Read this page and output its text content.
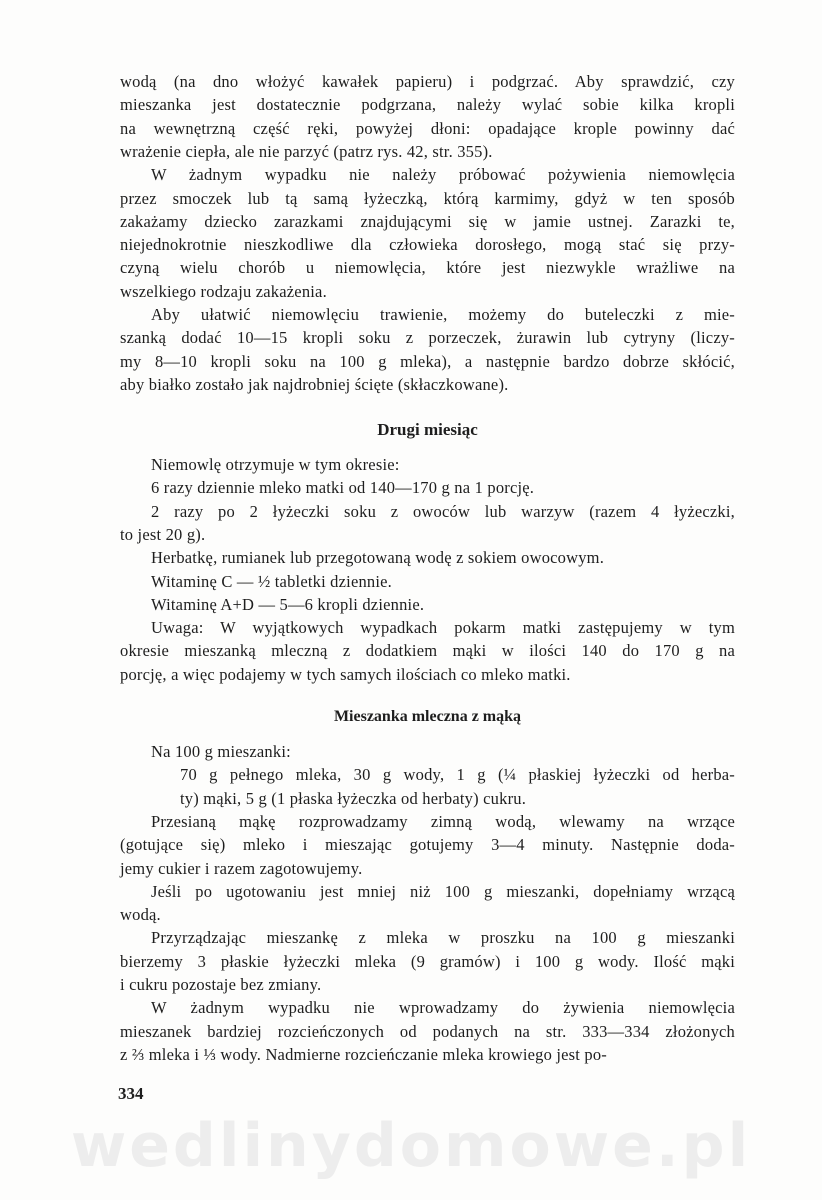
wodą (na dno włożyć kawałek papieru) i podgrzać. Aby sprawdzić, czy
mieszanka jest dostatecznie podgrzana, należy wylać sobie kilka kropli
na wewnętrzną część ręki, powyżej dłoni: opadające krople powinny dać
wrażenie ciepła, ale nie parzyć (patrz rys. 42, str. 355).
W żadnym wypadku nie należy próbować pożywienia niemowlęcia
przez smoczek lub tą samą łyżeczką, którą karmimy, gdyż w ten sposób
zakażamy dziecko zarazkami znajdującymi się w jamie ustnej. Zarazki te,
niejednokrotnie nieszkodliwe dla człowieka dorosłego, mogą stać się przy-
czyną wielu chorób u niemowlęcia, które jest niezwykle wrażliwe na
wszelkiego rodzaju zakażenia.
Aby ułatwić niemowlęciu trawienie, możemy do buteleczki z mie-
szanką dodać 10—15 kropli soku z porzeczek, żurawin lub cytryny (liczy-
my 8—10 kropli soku na 100 g mleka), a następnie bardzo dobrze skłócić,
aby białko zostało jak najdrobniej ścięte (skłaczkowane).
Drugi miesiąc
Niemowlę otrzymuje w tym okresie:
6 razy dziennie mleko matki od 140—170 g na 1 porcję.
2 razy po 2 łyżeczki soku z owoców lub warzyw (razem 4 łyżeczki,
to jest 20 g).
Herbatkę, rumianek lub przegotowaną wodę z sokiem owocowym.
Witaminę C — ½ tabletki dziennie.
Witaminę A+D — 5—6 kropli dziennie.
Uwaga: W wyjątkowych wypadkach pokarm matki zastępujemy w tym
okresie mieszanką mleczną z dodatkiem mąki w ilości 140 do 170 g na
porcję, a więc podajemy w tych samych ilościach co mleko matki.
Mieszanka mleczna z mąką
Na 100 g mieszanki:
70 g pełnego mleka, 30 g wody, 1 g (¼ płaskiej łyżeczki od herba-
ty) mąki, 5 g (1 płaska łyżeczka od herbaty) cukru.
Przesianą mąkę rozprowadzamy zimną wodą, wlewamy na wrzące
(gotujące się) mleko i mieszając gotujemy 3—4 minuty. Następnie doda-
jemy cukier i razem zagotowujemy.
Jeśli po ugotowaniu jest mniej niż 100 g mieszanki, dopełniamy wrzącą
wodą.
Przyrządzając mieszankę z mleka w proszku na 100 g mieszanki
bierzemy 3 płaskie łyżeczki mleka (9 gramów) i 100 g wody. Ilość mąki
i cukru pozostaje bez zmiany.
W żadnym wypadku nie wprowadzamy do żywienia niemowlęcia
mieszanek bardziej rozcieńczonych od podanych na str. 333—334 złożonych
z ⅔ mleka i ⅓ wody. Nadmierne rozcieńczanie mleka krowiego jest po-
334
wedlinydomowe.pl
